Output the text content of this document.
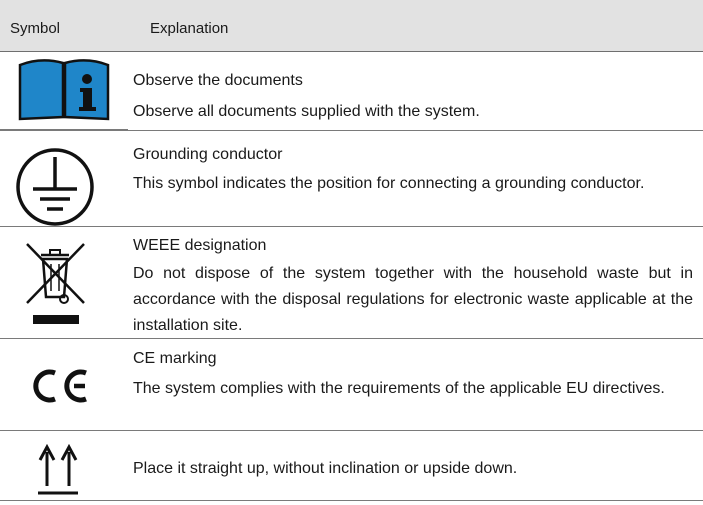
Symbol	Explanation
Observe the documents
Observe all documents supplied with the system.
Grounding conductor
This symbol indicates the position for connecting a grounding conductor.
WEEE designation
Do not dispose of the system together with the household waste but in accordance with the disposal regulations for electronic waste applicable at the installation site.
CE marking
The system complies with the requirements of the applicable EU directives.
Place it straight up, without inclination or upside down.
